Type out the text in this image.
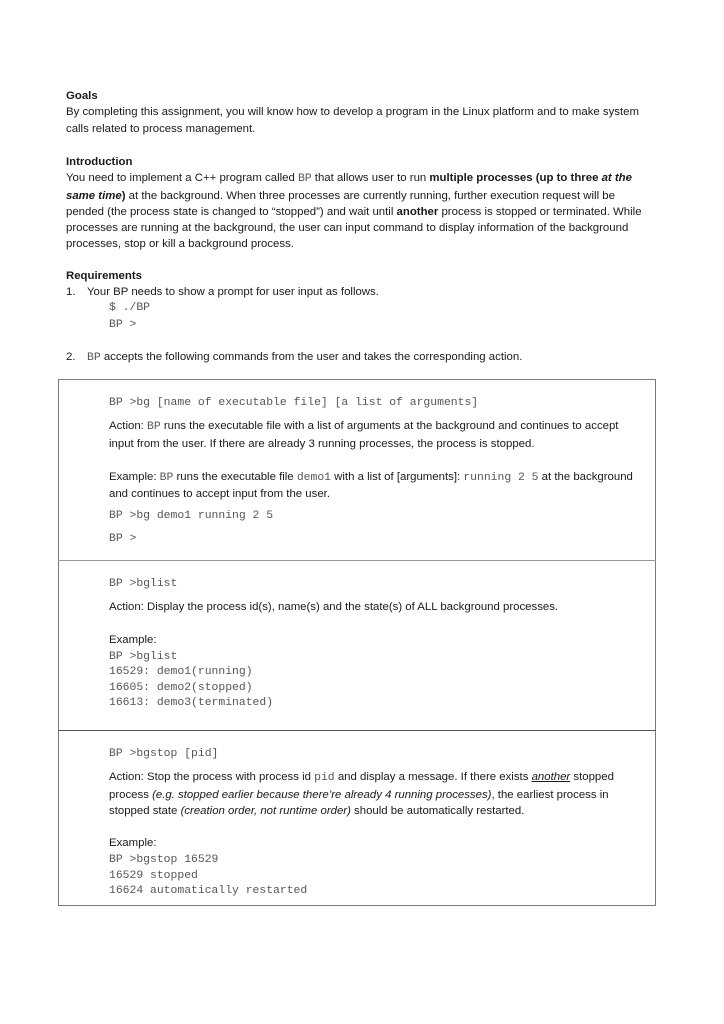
Goals

By completing this assignment, you will know how to develop a program in the Linux platform and to make system calls related to process management.

Introduction

You need to implement a C++ program called BP that allows user to run multiple processes (up to three at the same time) at the background. When three processes are currently running, further execution request will be pended (the process state is changed to “stopped”) and wait until another process is stopped or terminated. While processes are running at the background, the user can input command to display information of the background processes, stop or kill a background process.

Requirements

1. Your BP needs to show a prompt for user input as follows.
$ ./BP
BP >
2. BP accepts the following commands from the user and takes the corresponding action.
BP >bg [name of executable file] [a list of arguments]

Action: BP runs the executable file with a list of arguments at the background and continues to accept input from the user. If there are already 3 running processes, the process is stopped.

Example: BP runs the executable file demo1 with a list of [arguments]: running 2 5 at the background and continues to accept input from the user.

BP >bg demo1 running 2 5
BP >
BP >bglist

Action: Display the process id(s), name(s) and the state(s) of ALL background processes.

Example:

BP >bglist
16529: demo1(running)
16605: demo2(stopped)
16613: demo3(terminated)
BP >bgstop [pid]

Action: Stop the process with process id pid and display a message. If there exists another stopped process (e.g. stopped earlier because there’re already 4 running processes), the earliest process in stopped state (creation order, not runtime order) should be automatically restarted.

Example:

BP >bgstop 16529
16529 stopped
16624 automatically restarted
